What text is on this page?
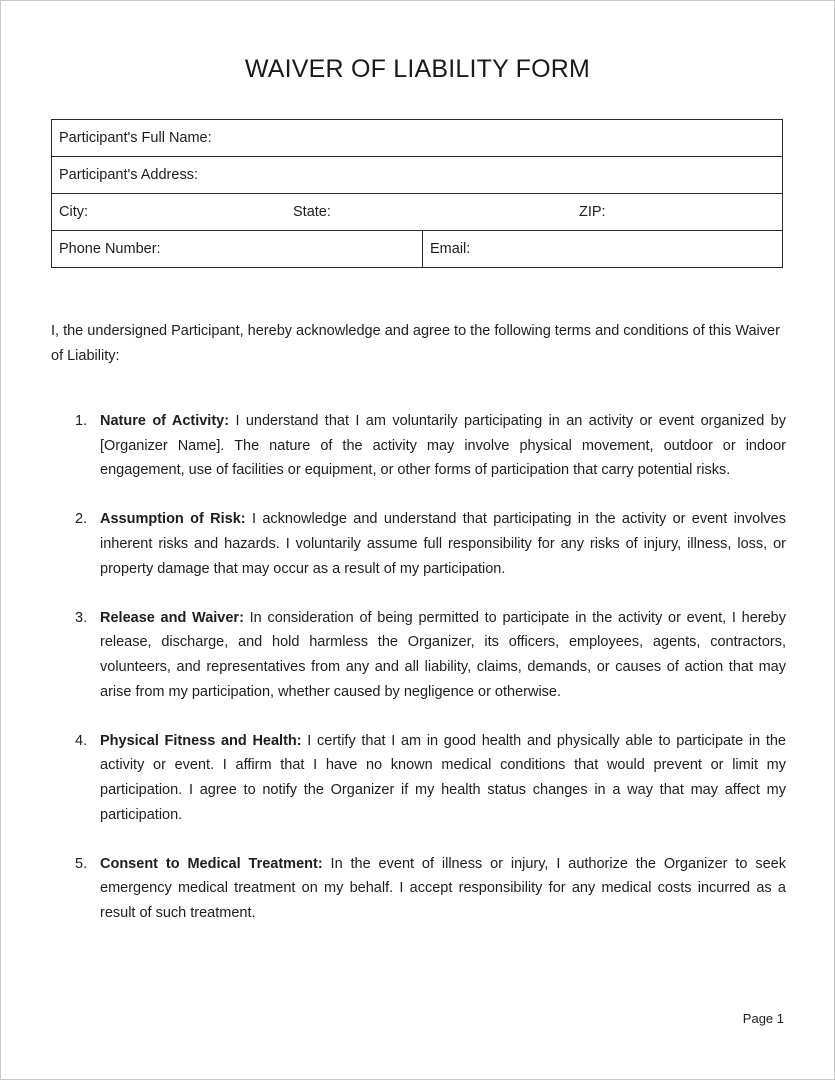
WAIVER OF LIABILITY FORM
Participant's Full Name:
Participant's Address:

City:	State:	ZIP:

Phone Number:	Email:

I, the undersigned Participant, hereby acknowledge and agree to the following terms and conditions of this Waiver of Liability:

1. Nature of Activity: I understand that I am voluntarily participating in an activity or event organized by [Organizer Name]. The nature of the activity may involve physical movement, outdoor or indoor engagement, use of facilities or equipment, or other forms of participation that carry potential risks.
2. Assumption of Risk: I acknowledge and understand that participating in the activity or event involves inherent risks and hazards. I voluntarily assume full responsibility for any risks of injury, illness, loss, or property damage that may occur as a result of my participation.
3. Release and Waiver: In consideration of being permitted to participate in the activity or event, I hereby release, discharge, and hold harmless the Organizer, its officers, employees, agents, contractors, volunteers, and representatives from any and all liability, claims, demands, or causes of action that may arise from my participation, whether caused by negligence or otherwise.
4. Physical Fitness and Health: I certify that I am in good health and physically able to participate in the activity or event. I affirm that I have no known medical conditions that would prevent or limit my participation. I agree to notify the Organizer if my health status changes in a way that may affect my participation.
5. Consent to Medical Treatment: In the event of illness or injury, I authorize the Organizer to seek emergency medical treatment on my behalf. I accept responsibility for any medical costs incurred as a result of such treatment.
Page 1
